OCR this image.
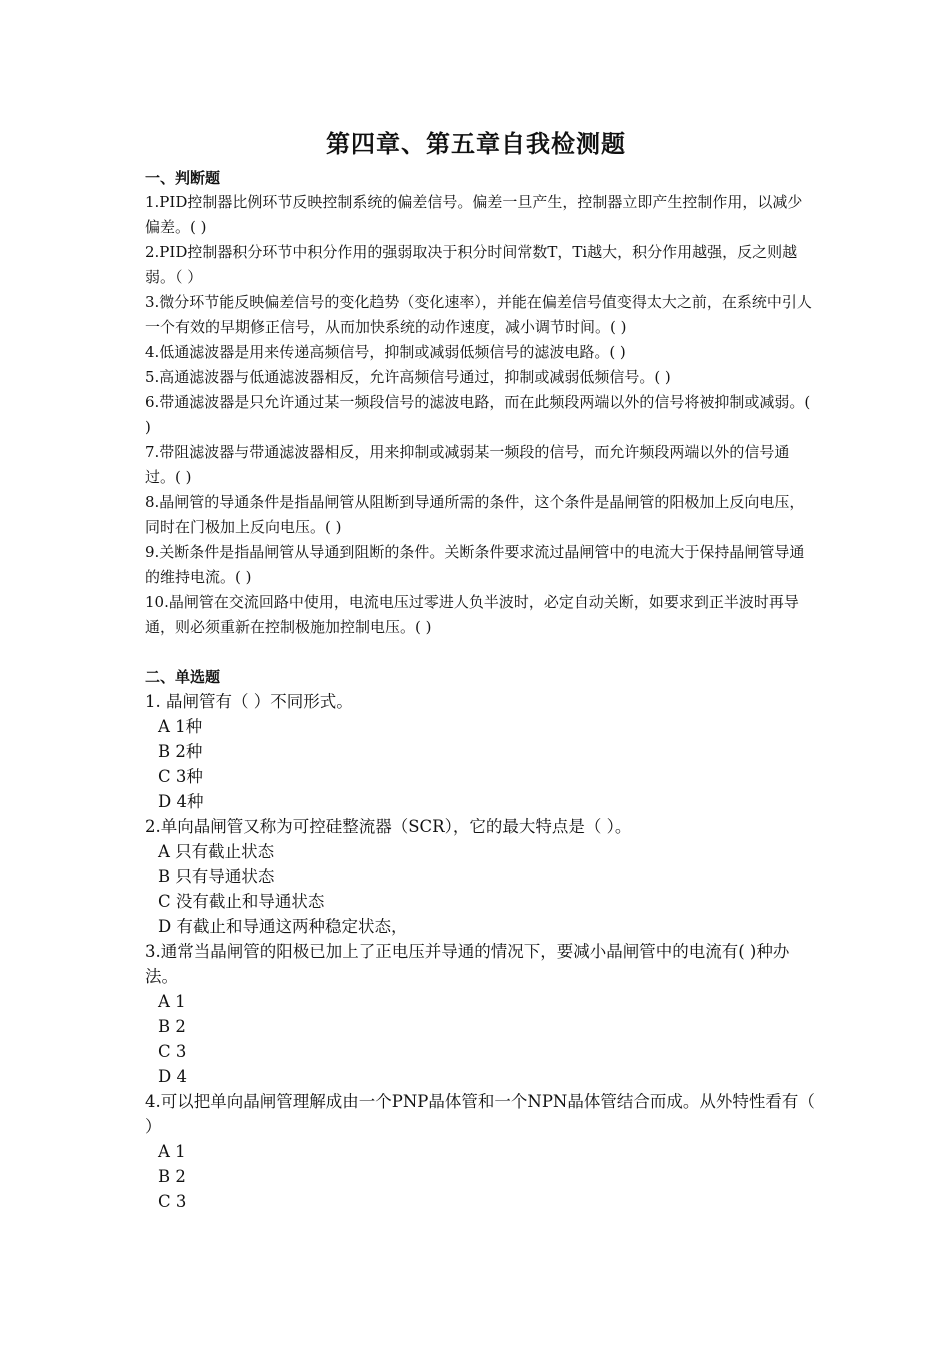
第四章、第五章自我检测题
一、判断题

1.PID控制器比例环节反映控制系统的偏差信号。偏差一旦产生，控制器立即产生控制作用，以减少偏差。( )

2.PID控制器积分环节中积分作用的强弱取决于积分时间常数T，Ti越大，积分作用越强，反之则越弱。（ ）

3.微分环节能反映偏差信号的变化趋势（变化速率），并能在偏差信号值变得太大之前，在系统中引人一个有效的早期修正信号，从而加快系统的动作速度，减小调节时间。( )

4.低通滤波器是用来传递高频信号，抑制或减弱低频信号的滤波电路。( )

5.高通滤波器与低通滤波器相反，允许高频信号通过，抑制或减弱低频信号。( )

6.带通滤波器是只允许通过某一频段信号的滤波电路，而在此频段两端以外的信号将被抑制或减弱。( )

7.带阻滤波器与带通滤波器相反，用来抑制或减弱某一频段的信号，而允许频段两端以外的信号通过。( )

8.晶闸管的导通条件是指晶闸管从阻断到导通所需的条件，这个条件是晶闸管的阳极加上反向电压，同时在门极加上反向电压。( )

9.关断条件是指晶闸管从导通到阻断的条件。关断条件要求流过晶闸管中的电流大于保持晶闸管导通的维持电流。( )

10.晶闸管在交流回路中使用，电流电压过零进人负半波时，必定自动关断，如要求到正半波时再导通，则必须重新在控制极施加控制电压。( )

二、单选题
1. 晶闸管有（ ）不同形式。
A 1种
B 2种
C 3种
D 4种
2.单向晶闸管又称为可控硅整流器（SCR），它的最大特点是（ ）。
A 只有截止状态
B 只有导通状态
C 没有截止和导通状态
D 有截止和导通这两种稳定状态，
3.通常当晶闸管的阳极已加上了正电压并导通的情况下，要减小晶闸管中的电流有( )种办法。
A 1
B 2
C 3
D 4
4.可以把单向晶闸管理解成由一个PNP晶体管和一个NPN晶体管结合而成。从外特性看有（ ）
A 1
B 2
C 3
